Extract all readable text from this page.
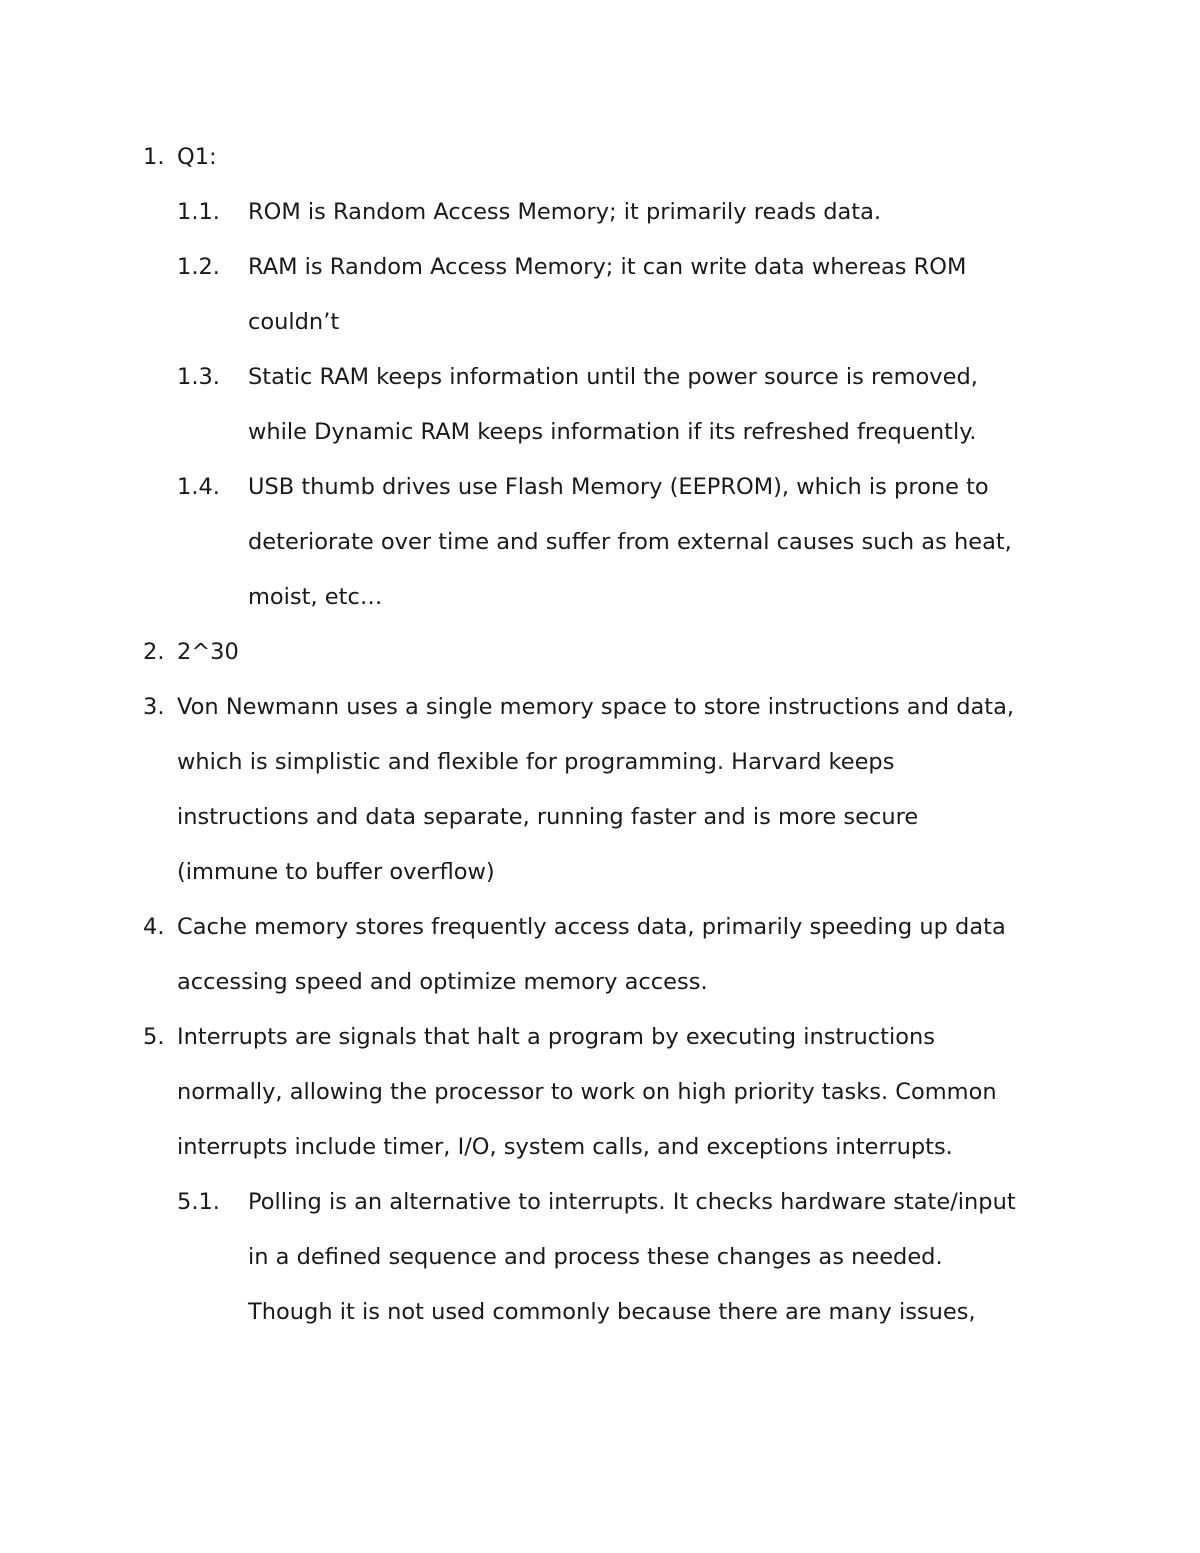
1. Q1:
1.1. ROM is Random Access Memory; it primarily reads data.
1.2. RAM is Random Access Memory; it can write data whereas ROM
couldn’t
1.3. Static RAM keeps information until the power source is removed,
while Dynamic RAM keeps information if its refreshed frequently.
1.4. USB thumb drives use Flash Memory (EEPROM), which is prone to
deteriorate over time and suffer from external causes such as heat,
moist, etc…
2. 2^30
3. Von Newmann uses a single memory space to store instructions and data,
which is simplistic and flexible for programming. Harvard keeps
instructions and data separate, running faster and is more secure
(immune to buffer overflow)
4. Cache memory stores frequently access data, primarily speeding up data
accessing speed and optimize memory access.
5. Interrupts are signals that halt a program by executing instructions
normally, allowing the processor to work on high priority tasks. Common
interrupts include timer, I/O, system calls, and exceptions interrupts.
5.1. Polling is an alternative to interrupts. It checks hardware state/input
in a defined sequence and process these changes as needed.
Though it is not used commonly because there are many issues,
